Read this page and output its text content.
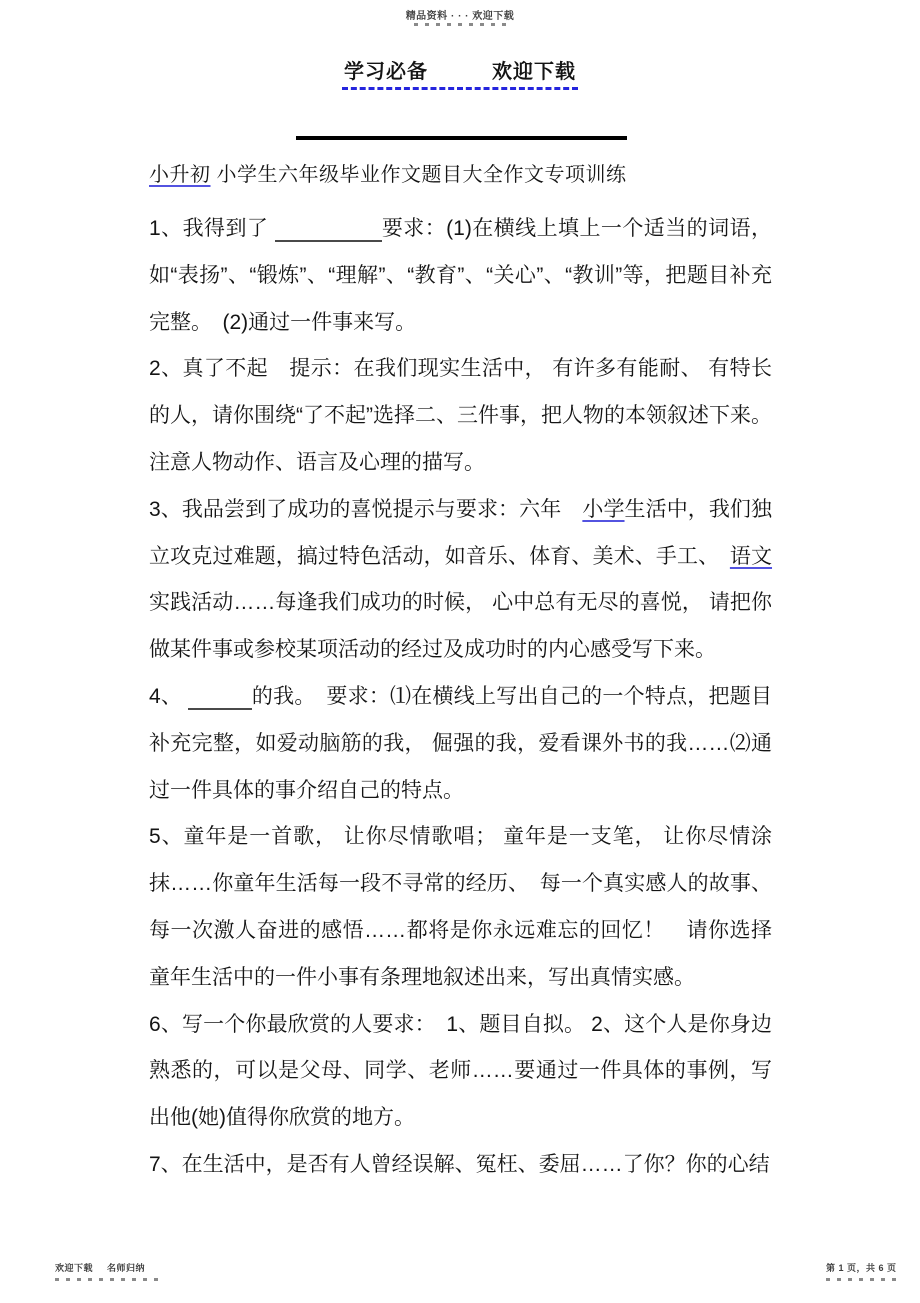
精品资料 · · · 欢迎下载
学习必备	欢迎下载
小升初 小学生六年级毕业作文题目大全作文专项训练

1、我得到了 　　　　　	要求：(1)在横线上填上一个适当的词语，如“表扬”、“锻炼”、“理解”、“教育”、“关心”、“教训”等，把题目补充完整。　(2)通过一件事来写。

2、真了不起　提示：在我们现实生活中， 有许多有能耐、 有特长的人，请你围绕“了不起”选择二、三件事，把人物的本领叙述下来。注意人物动作、语言及心理的描写。

3、我品尝到了成功的喜悦提示与要求：六年　小学生活中，我们独立攻克过难题，搞过特色活动，如音乐、体育、美术、手工、　语文实践活动……每逢我们成功的时候， 心中总有无尽的喜悦， 请把你做某件事或参校某项活动的经过及成功时的内心感受写下来。

4、 　　　	的我。　要求：⑴在横线上写出自己的一个特点，把题目补充完整，如爱动脑筋的我， 倔强的我，爱看课外书的我……⑵通过一件具体的事介绍自己的特点。

5、童年是一首歌， 让你尽情歌唱； 童年是一支笔， 让你尽情涂抹……你童年生活每一段不寻常的经历、　每一个真实感人的故事、 每一次激人奋进的感悟……都将是你永远难忘的回忆！　请你选择童年生活中的一件小事有条理地叙述出来，写出真情实感。

6、写一个你最欣赏的人要求：　1、题目自拟。 2、这个人是你身边熟悉的，可以是父母、同学、老师……要通过一件具体的事例，写出他(她)值得你欣赏的地方。

7、在生活中，是否有人曾经误解、冤枉、委屈……了你？你的心结

欢迎下载 名师归纳	第 1 页，共 6 页
